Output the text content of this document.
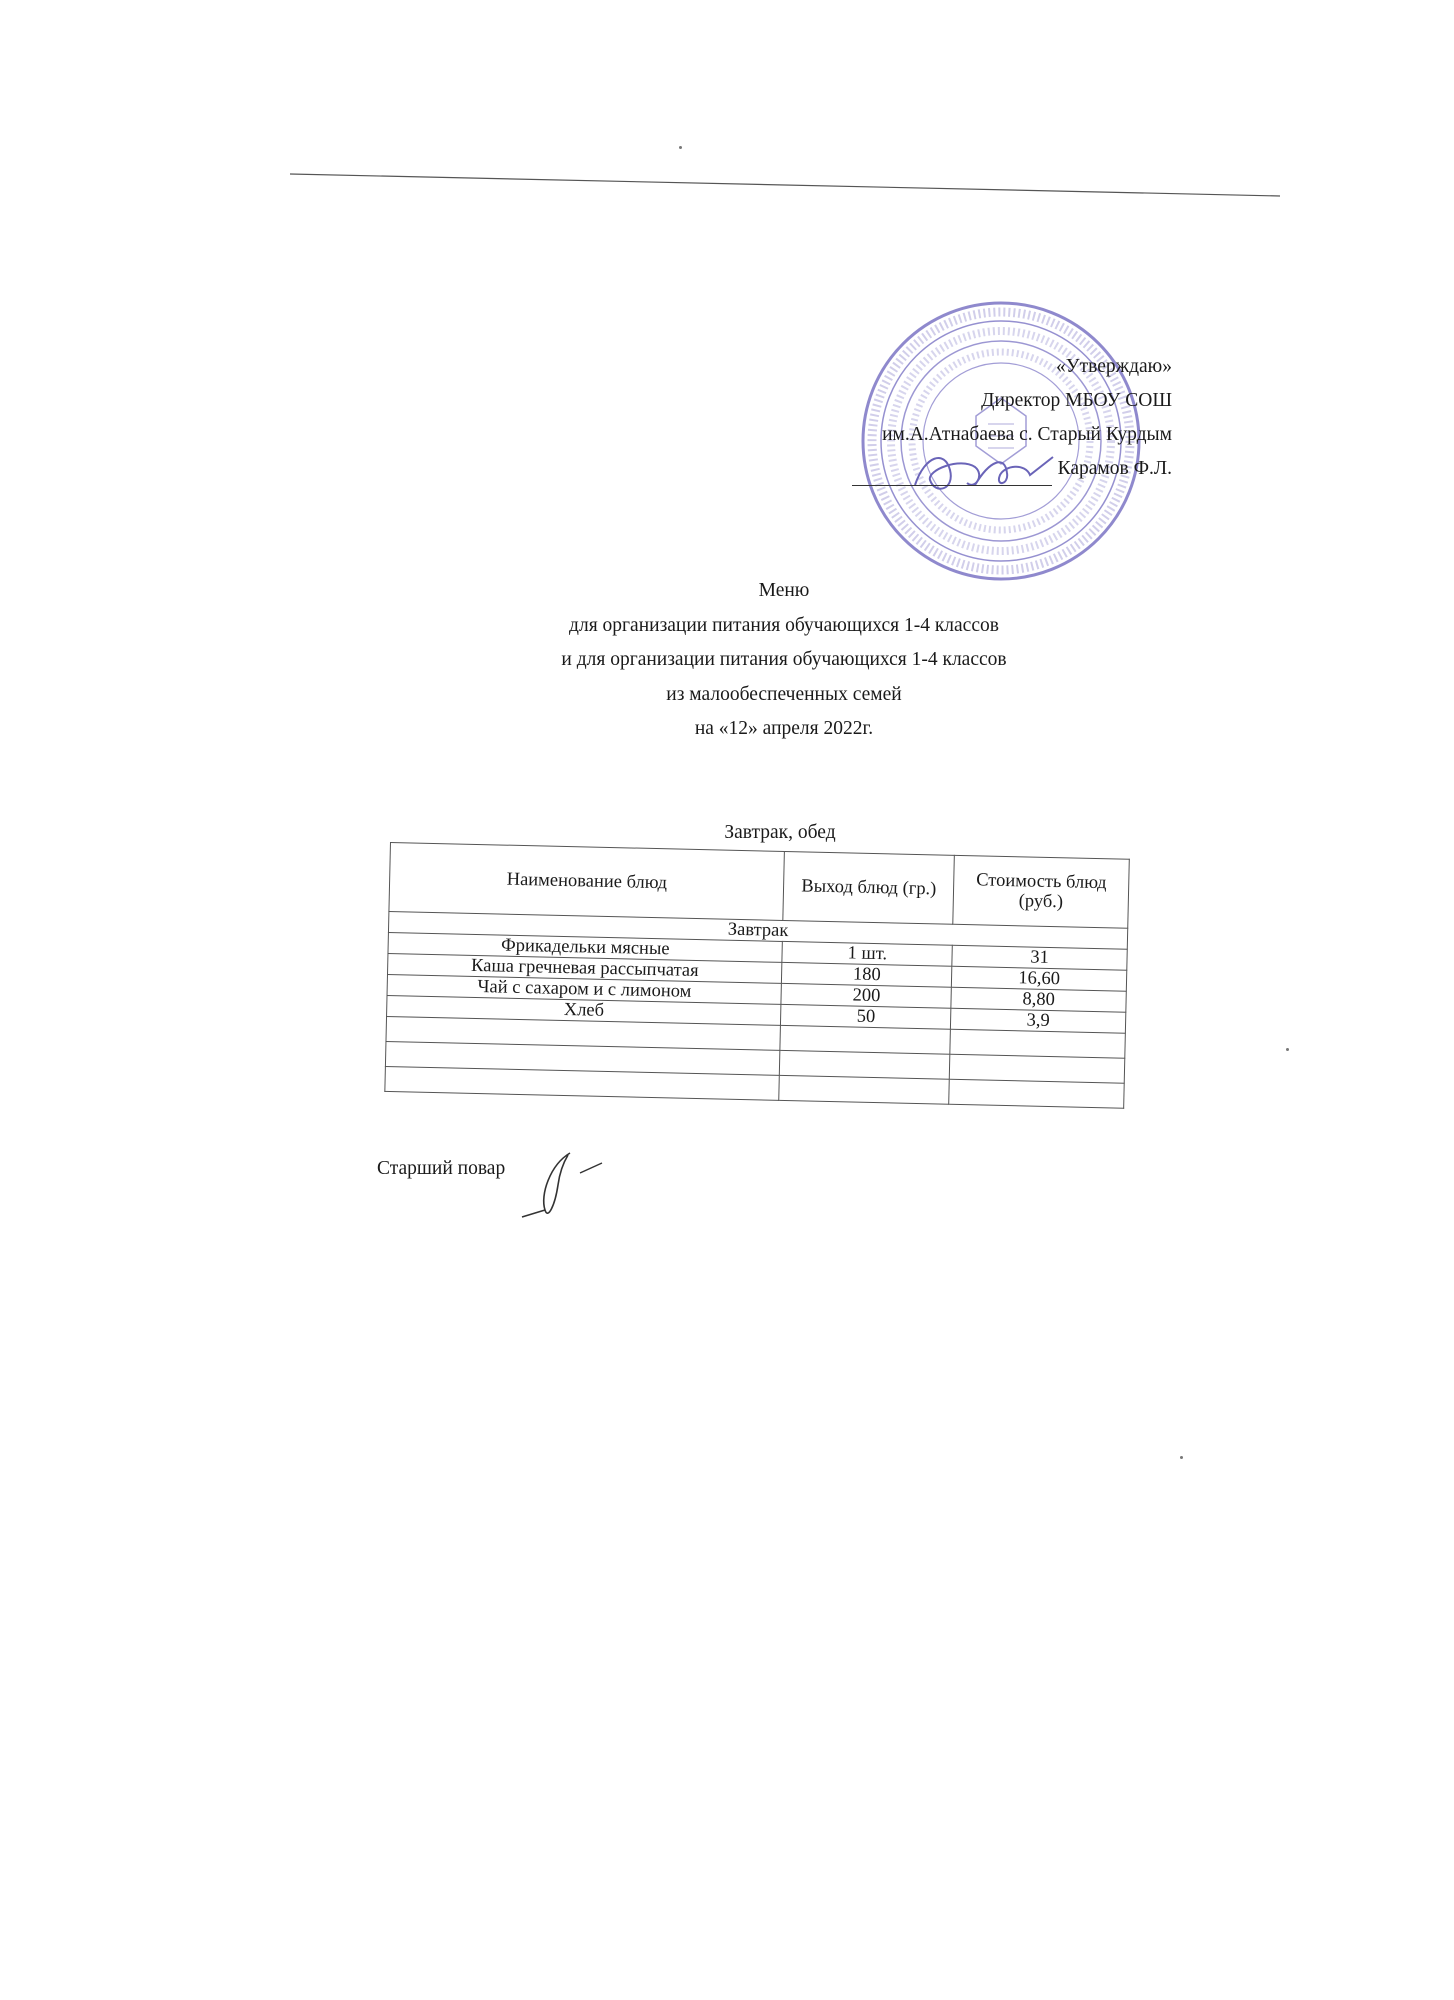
«Утверждаю»
Директор МБОУ СОШ
им.А.Атнабаева с. Старый Курдым
Карамов Ф.Л.
Меню
для организации питания обучающихся 1-4 классов
и для организации питания обучающихся 1-4 классов
из малообеспеченных семей
на «12» апреля 2022г.
Завтрак, обед
Наименование блюд	Выход блюд (гр.)	Стоимость блюд (руб.)
Завтрак		
Фрикадельки мясные	1 шт.	31
Каша гречневая рассыпчатая	180	16,60
Чай с сахаром и с лимоном	200	8,80
Хлеб	50	3,9

Старший повар
